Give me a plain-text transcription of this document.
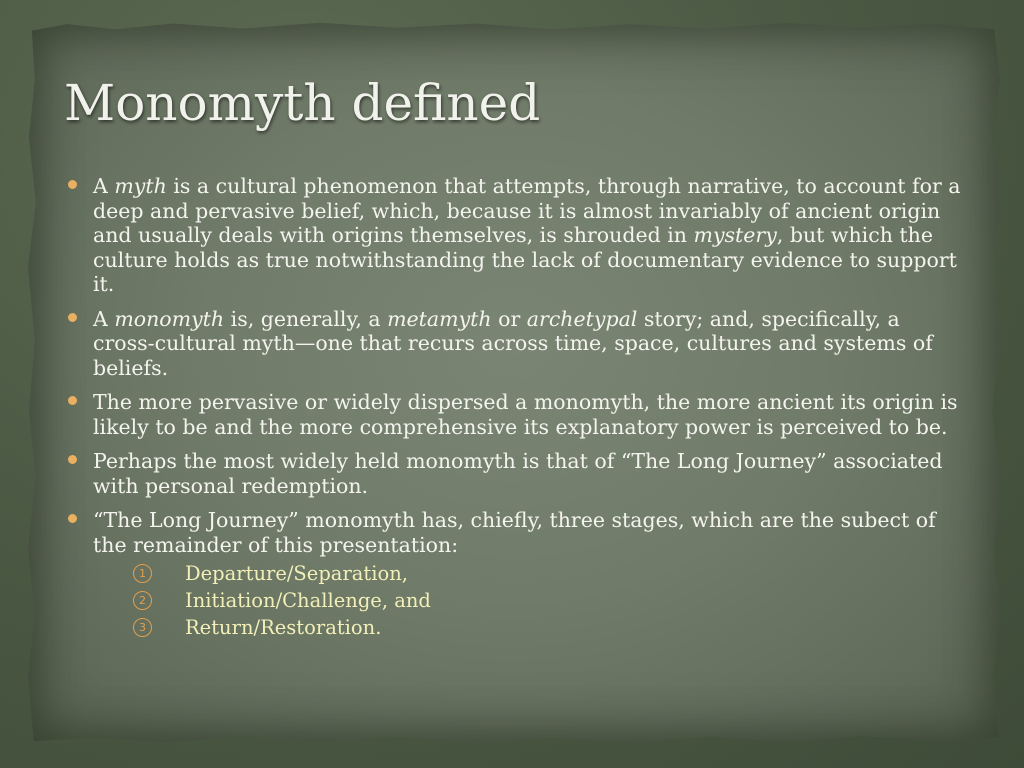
Monomyth defined
A myth is a cultural phenomenon that attempts, through narrative, to account for a deep and pervasive belief, which, because it is almost invariably of ancient origin and usually deals with origins themselves, is shrouded in mystery, but which the culture holds as true notwithstanding the lack of documentary evidence to support it.
A monomyth is, generally, a metamyth or archetypal story; and, specifically, a cross-cultural myth—one that recurs across time, space, cultures and systems of beliefs.
The more pervasive or widely dispersed a monomyth, the more ancient its origin is likely to be and the more comprehensive its explanatory power is perceived to be.
Perhaps the most widely held monomyth is that of “The Long Journey” associated with personal redemption.
“The Long Journey” monomyth has, chiefly, three stages, which are the subect of the remainder of this presentation:
1	Departure/Separation,
2	Initiation/Challenge, and
3	Return/Restoration.
